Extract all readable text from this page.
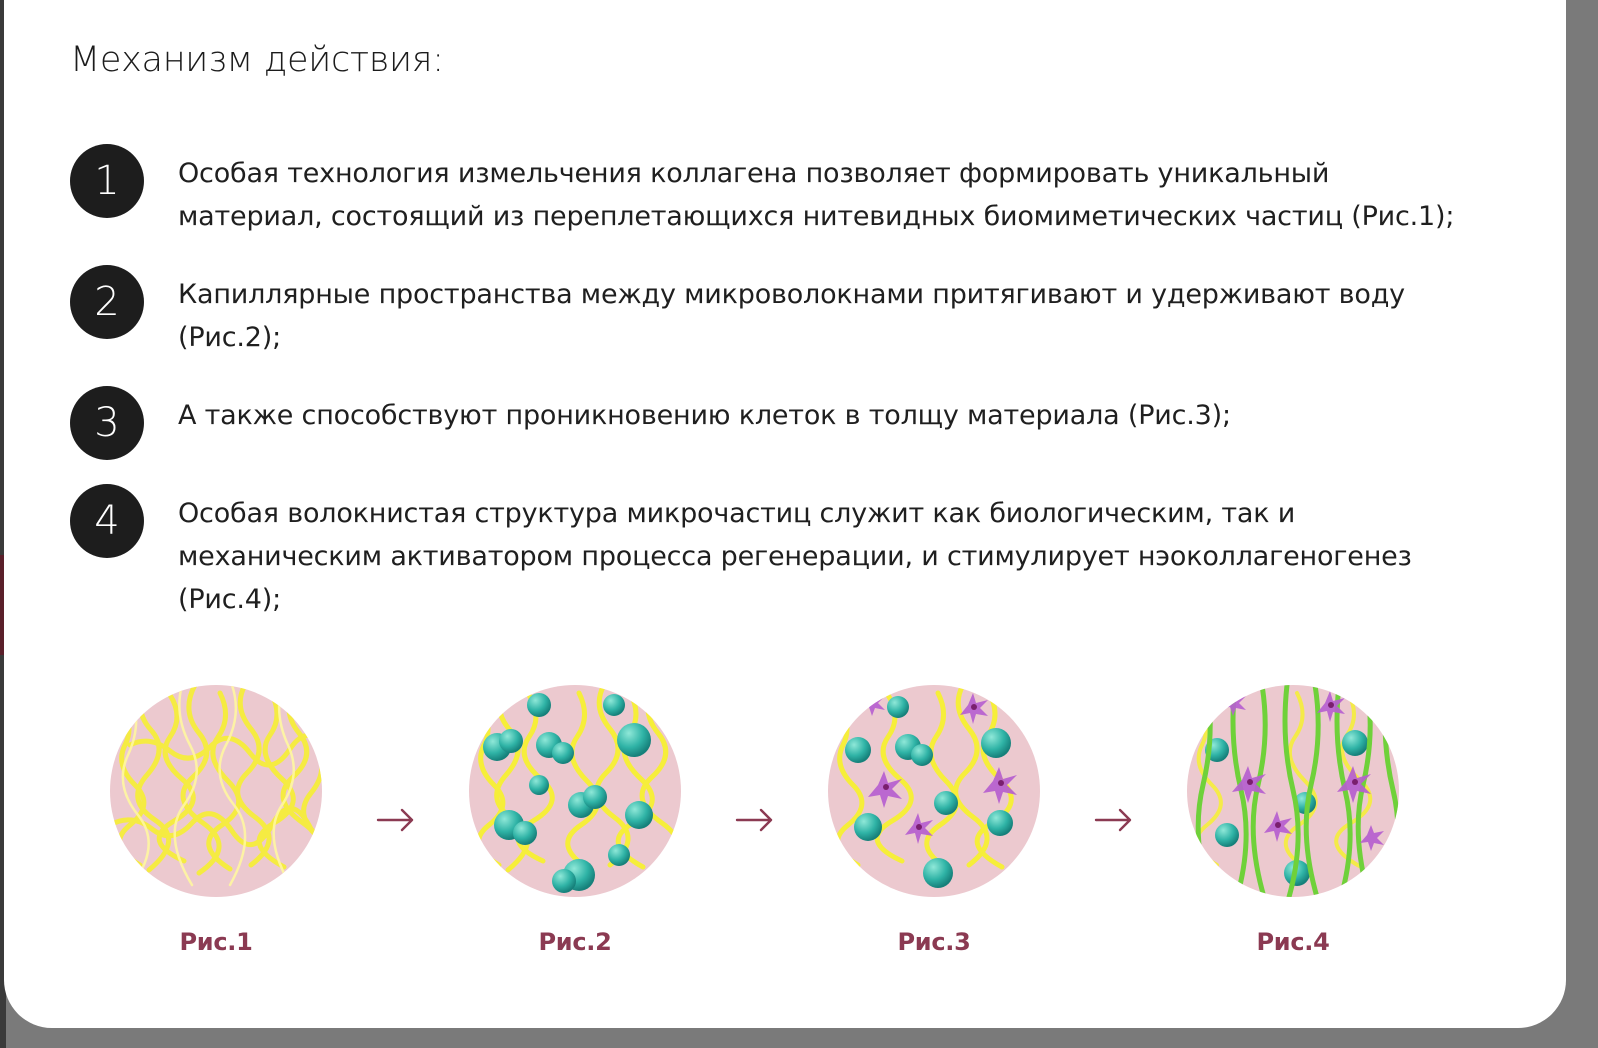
Механизм действия:
1	Особая технология измельчения коллагена позволяет формировать уникальный материал, состоящий из переплетающихся нитевидных биомиметических частиц (Рис.1);
2	Капиллярные пространства между микроволокнами притягивают и удерживают воду (Рис.2);
3	А также способствуют проникновению клеток в толщу материала (Рис.3);
4	Особая волокнистая структура микрочастиц служит как биологическим, так и механическим активатором процесса регенерации, и стимулирует нэоколлагеногенез (Рис.4);
Рис.1	Рис.2	Рис.3	Рис.4
